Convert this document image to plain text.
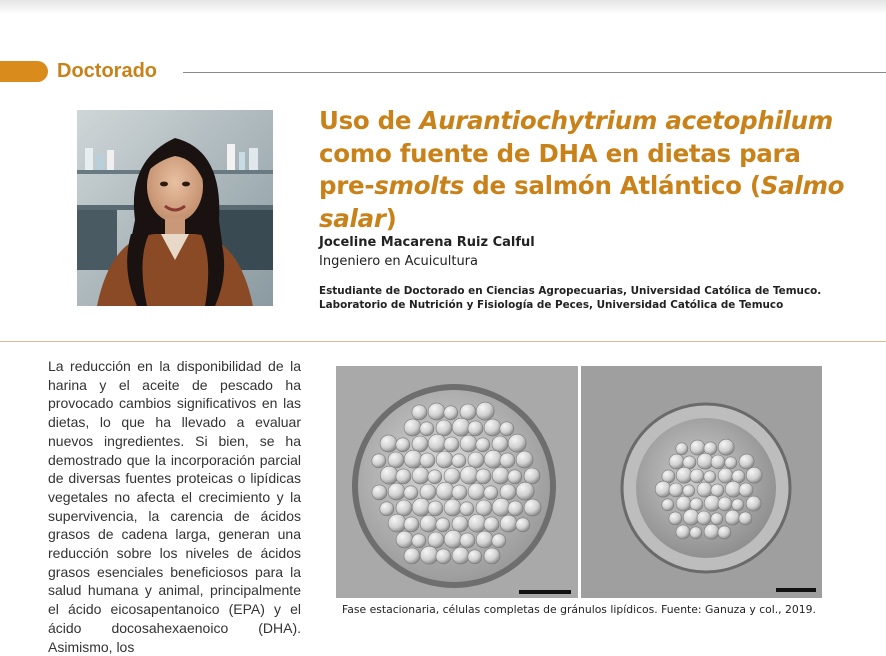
Doctorado
Uso de Aurantiochytrium acetophilum como fuente de DHA en dietas para pre-smolts de salmón Atlántico (Salmo salar)
Joceline Macarena Ruiz Calful
Ingeniero en Acuicultura
Estudiante de Doctorado en Ciencias Agropecuarias, Universidad Católica de Temuco.
Laboratorio de Nutrición y Fisiología de Peces, Universidad Católica de Temuco
La reducción en la disponibilidad de la harina y el aceite de pescado ha provocado cambios significativos en las dietas, lo que ha llevado a evaluar nuevos ingredientes. Si bien, se ha demostrado que la incorporación parcial de diversas fuentes proteicas o lipídicas vegetales no afecta el crecimiento y la supervivencia, la carencia de ácidos grasos de cadena larga, generan una reducción sobre los niveles de ácidos grasos esenciales beneficiosos para la salud humana y animal, principalmente el ácido eicosapentanoico (EPA) y el ácido docosahexaenoico (DHA). Asimismo, los
Fase estacionaria, células completas de gránulos lipídicos. Fuente: Ganuza y col., 2019.
